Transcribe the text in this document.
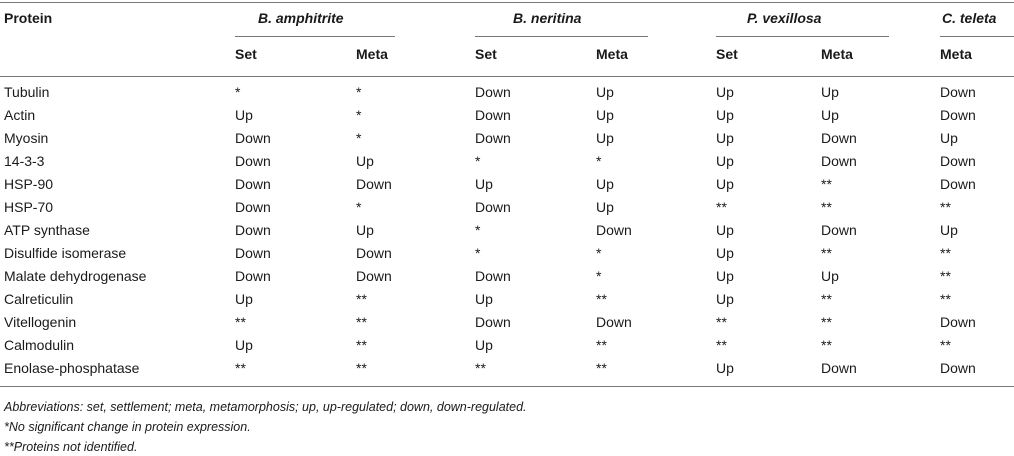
Protein	B. amphitrite	B. neritina	P. vexillosa	C. teleta
Set	Meta	Set	Meta	Set	Meta	Meta
Tubulin	*	*	Down	Up	Up	Up	Down
Actin	Up	*	Down	Up	Up	Up	Down
Myosin	Down	*	Down	Up	Up	Down	Up
14-3-3	Down	Up	*	*	Up	Down	Down
HSP-90	Down	Down	Up	Up	Up	**	Down
HSP-70	Down	*	Down	Up	**	**	**
ATP synthase	Down	Up	*	Down	Up	Down	Up
Disulfide isomerase	Down	Down	*	*	Up	**	**
Malate dehydrogenase	Down	Down	Down	*	Up	Up	**
Calreticulin	Up	**	Up	**	Up	**	**
Vitellogenin	**	**	Down	Down	**	**	Down
Calmodulin	Up	**	Up	**	**	**	**
Enolase-phosphatase	**	**	**	**	Up	Down	Down
Abbreviations: set, settlement; meta, metamorphosis; up, up-regulated; down, down-regulated.
*No significant change in protein expression.
**Proteins not identified.
